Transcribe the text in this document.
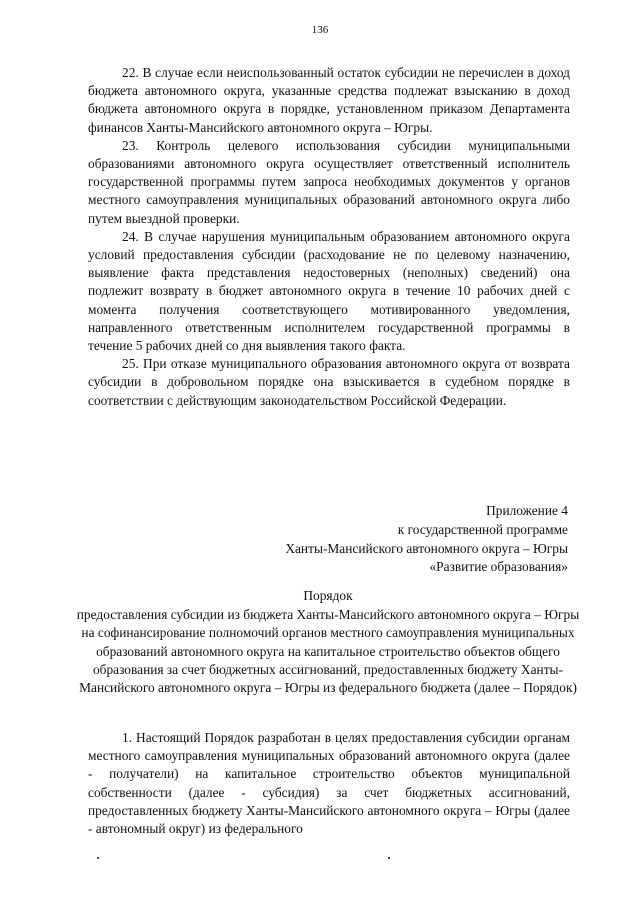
136

22. В случае если неиспользованный остаток субсидии не перечислен в доход бюджета автономного округа, указанные средства подлежат взысканию в доход бюджета автономного округа в порядке, установленном приказом Департамента финансов Ханты-Мансийского автономного округа – Югры.

23. Контроль целевого использования субсидии муниципальными образованиями автономного округа осуществляет ответственный исполнитель государственной программы путем запроса необходимых документов у органов местного самоуправления муниципальных образований автономного округа либо путем выездной проверки.

24. В случае нарушения муниципальным образованием автономного округа условий предоставления субсидии (расходование не по целевому назначению, выявление факта представления недостоверных (неполных) сведений) она подлежит возврату в бюджет автономного округа в течение 10 рабочих дней с момента получения соответствующего мотивированного уведомления, направленного ответственным исполнителем государственной программы в течение 5 рабочих дней со дня выявления такого факта.

25. При отказе муниципального образования автономного округа от возврата субсидии в добровольном порядке она взыскивается в судебном порядке в соответствии с действующим законодательством Российской Федерации.

Приложение 4
к государственной программе
Ханты-Мансийского автономного округа – Югры
«Развитие образования»

Порядок

предоставления субсидии из бюджета Ханты-Мансийского автономного округа – Югры на софинансирование полномочий органов местного самоуправления муниципальных образований автономного округа на капитальное строительство объектов общего образования за счет бюджетных ассигнований, предоставленных бюджету Ханты-Мансийского автономного округа – Югры из федерального бюджета (далее – Порядок)

1. Настоящий Порядок разработан в целях предоставления субсидии органам местного самоуправления муниципальных образований автономного округа (далее - получатели) на капитальное строительство объектов муниципальной собственности (далее - субсидия) за счет бюджетных ассигнований, предоставленных бюджету Ханты-Мансийского автономного округа – Югры (далее - автономный округ) из федерального
